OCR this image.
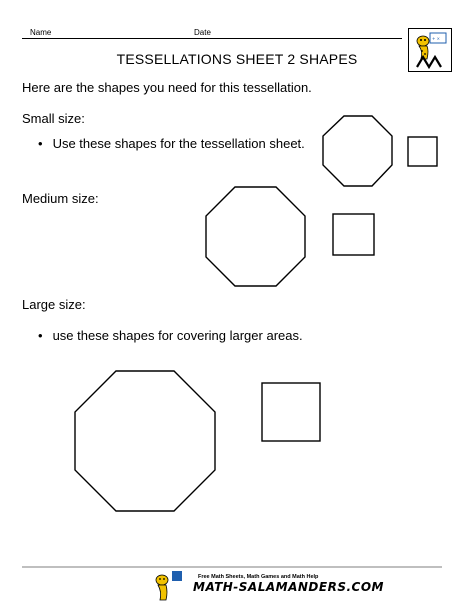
Name	Date
+ ×
TESSELLATIONS SHEET 2 SHAPES
Here are the shapes you need for this tessellation.
Small size:
• Use these shapes for the tessellation sheet.
Medium size:
Large size:
• use these shapes for covering larger areas.
Free Math Sheets, Math Games and Math Help
MATH-SALAMANDERS.COM
